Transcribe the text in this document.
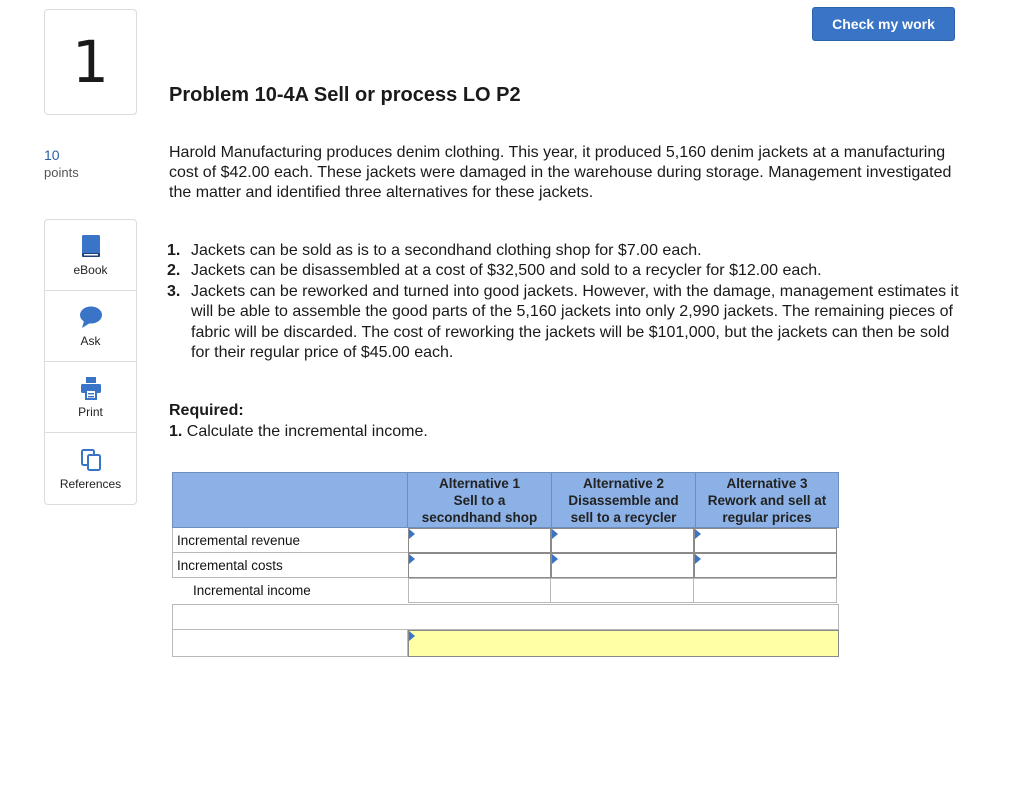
1
10
points
eBook
Ask
Print
References
Check my work
Problem 10-4A Sell or process LO P2

Harold Manufacturing produces denim clothing. This year, it produced 5,160 denim jackets at a manufacturing cost of $42.00 each. These jackets were damaged in the warehouse during storage. Management investigated the matter and identified three alternatives for these jackets.

1. Jackets can be sold as is to a secondhand clothing shop for $7.00 each.
2. Jackets can be disassembled at a cost of $32,500 and sold to a recycler for $12.00 each.
3. Jackets can be reworked and turned into good jackets. However, with the damage, management estimates it will be able to assemble the good parts of the 5,160 jackets into only 2,990 jackets. The remaining pieces of fabric will be discarded. The cost of reworking the jackets will be $101,000, but the jackets can then be sold for their regular price of $45.00 each.
Required:
1. Calculate the incremental income.
Alternative 1
Sell to a
secondhand shop
Alternative 2
Disassemble and
sell to a recycler
Alternative 3
Rework and sell at
regular prices
Incremental revenue
Incremental costs
Incremental income
